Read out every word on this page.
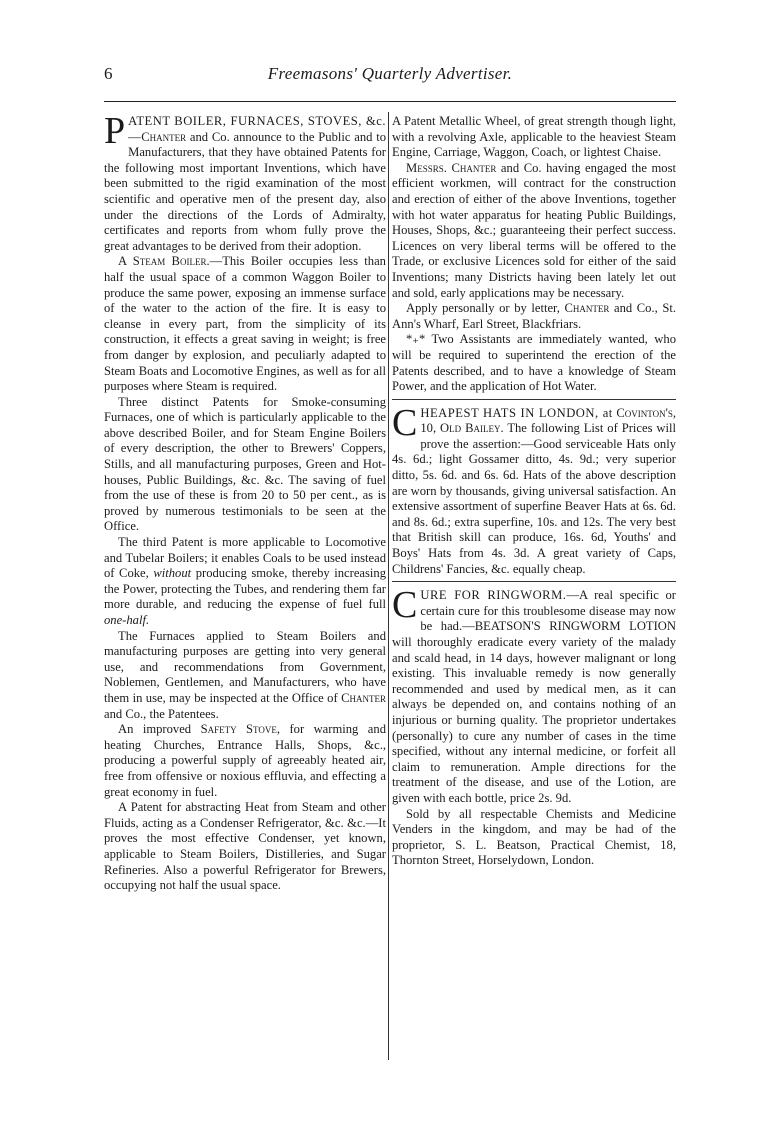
6	Freemasons' Quarterly Advertiser.

PATENT BOILER, FURNACES, STOVES, &c.—Chanter and Co. announce to the Public and to Manufacturers, that they have obtained Patents for the following most important Inventions, which have been submitted to the rigid examination of the most scientific and operative men of the present day, also under the directions of the Lords of Admiralty, certificates and reports from whom fully prove the great advantages to be derived from their adoption.

A Steam Boiler.—This Boiler occupies less than half the usual space of a common Waggon Boiler to produce the same power, exposing an immense surface of the water to the action of the fire. It is easy to cleanse in every part, from the simplicity of its construction, it effects a great saving in weight; is free from danger by explosion, and peculiarly adapted to Steam Boats and Locomotive Engines, as well as for all purposes where Steam is required.

Three distinct Patents for Smoke-consuming Furnaces, one of which is particularly applicable to the above described Boiler, and for Steam Engine Boilers of every description, the other to Brewers' Coppers, Stills, and all manufacturing purposes, Green and Hot-houses, Public Buildings, &c. &c. The saving of fuel from the use of these is from 20 to 50 per cent., as is proved by numerous testimonials to be seen at the Office.

The third Patent is more applicable to Locomotive and Tubelar Boilers; it enables Coals to be used instead of Coke, without producing smoke, thereby increasing the Power, protecting the Tubes, and rendering them far more durable, and reducing the expense of fuel full one-half.

The Furnaces applied to Steam Boilers and manufacturing purposes are getting into very general use, and recommendations from Government, Noblemen, Gentlemen, and Manufacturers, who have them in use, may be inspected at the Office of Chanter and Co., the Patentees.

An improved Safety Stove, for warming and heating Churches, Entrance Halls, Shops, &c., producing a powerful supply of agreeably heated air, free from offensive or noxious effluvia, and effecting a great economy in fuel.

A Patent for abstracting Heat from Steam and other Fluids, acting as a Condenser Refrigerator, &c. &c.—It proves the most effective Condenser, yet known, applicable to Steam Boilers, Distilleries, and Sugar Refineries. Also a powerful Refrigerator for Brewers, occupying not half the usual space.

A Patent Metallic Wheel, of great strength though light, with a revolving Axle, applicable to the heaviest Steam Engine, Carriage, Waggon, Coach, or lightest Chaise.

Messrs. Chanter and Co. having engaged the most efficient workmen, will contract for the construction and erection of either of the above Inventions, together with hot water apparatus for heating Public Buildings, Houses, Shops, &c.; guaranteeing their perfect success. Licences on very liberal terms will be offered to the Trade, or exclusive Licences sold for either of the said Inventions; many Districts having been lately let out and sold, early applications may be necessary.

Apply personally or by letter, Chanter and Co., St. Ann's Wharf, Earl Street, Blackfriars.

*₊* Two Assistants are immediately wanted, who will be required to superintend the erection of the Patents described, and to have a knowledge of Steam Power, and the application of Hot Water.

CHEAPEST HATS IN LONDON, at Covinton's, 10, Old Bailey. The following List of Prices will prove the assertion:—Good serviceable Hats only 4s. 6d.; light Gossamer ditto, 4s. 9d.; very superior ditto, 5s. 6d. and 6s. 6d. Hats of the above description are worn by thousands, giving universal satisfaction. An extensive assortment of superfine Beaver Hats at 6s. 6d. and 8s. 6d.; extra superfine, 10s. and 12s. The very best that British skill can produce, 16s. 6d, Youths' and Boys' Hats from 4s. 3d. A great variety of Caps, Childrens' Fancies, &c. equally cheap.

CURE FOR RINGWORM.—A real specific or certain cure for this troublesome disease may now be had.—BEATSON'S RINGWORM LOTION will thoroughly eradicate every variety of the malady and scald head, in 14 days, however malignant or long existing. This invaluable remedy is now generally recommended and used by medical men, as it can always be depended on, and contains nothing of an injurious or burning quality. The proprietor undertakes (personally) to cure any number of cases in the time specified, without any internal medicine, or forfeit all claim to remuneration. Ample directions for the treatment of the disease, and use of the Lotion, are given with each bottle, price 2s. 9d.

Sold by all respectable Chemists and Medicine Venders in the kingdom, and may be had of the proprietor, S. L. Beatson, Practical Chemist, 18, Thornton Street, Horselydown, London.
